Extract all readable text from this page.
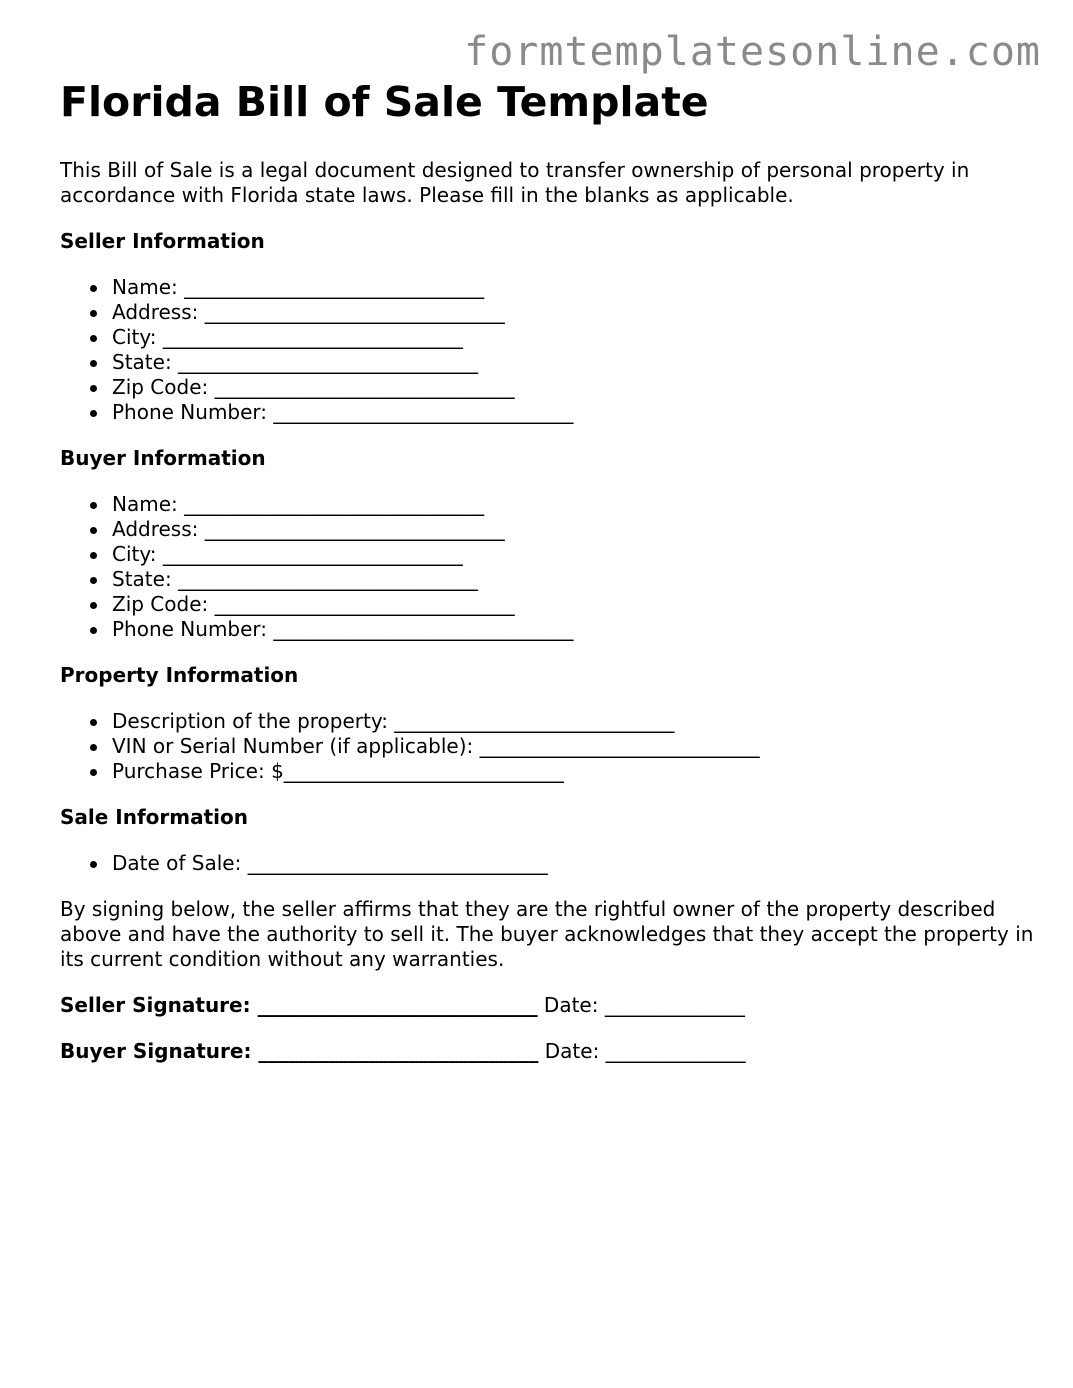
formtemplatesonline.com
Florida Bill of Sale Template

This Bill of Sale is a legal document designed to transfer ownership of personal property in accordance with Florida state laws. Please fill in the blanks as applicable.

Seller Information
Name: ______________________________
Address: ______________________________
City: ______________________________
State: ______________________________
Zip Code: ______________________________
Phone Number: ______________________________
Buyer Information
Name: ______________________________
Address: ______________________________
City: ______________________________
State: ______________________________
Zip Code: ______________________________
Phone Number: ______________________________
Property Information
Description of the property: ____________________________
VIN or Serial Number (if applicable): ____________________________
Purchase Price: $____________________________
Sale Information
Date of Sale: ______________________________

By signing below, the seller affirms that they are the rightful owner of the property described above and have the authority to sell it. The buyer acknowledges that they accept the property in its current condition without any warranties.

Seller Signature: ____________________________ Date: ______________

Buyer Signature: ____________________________ Date: ______________
